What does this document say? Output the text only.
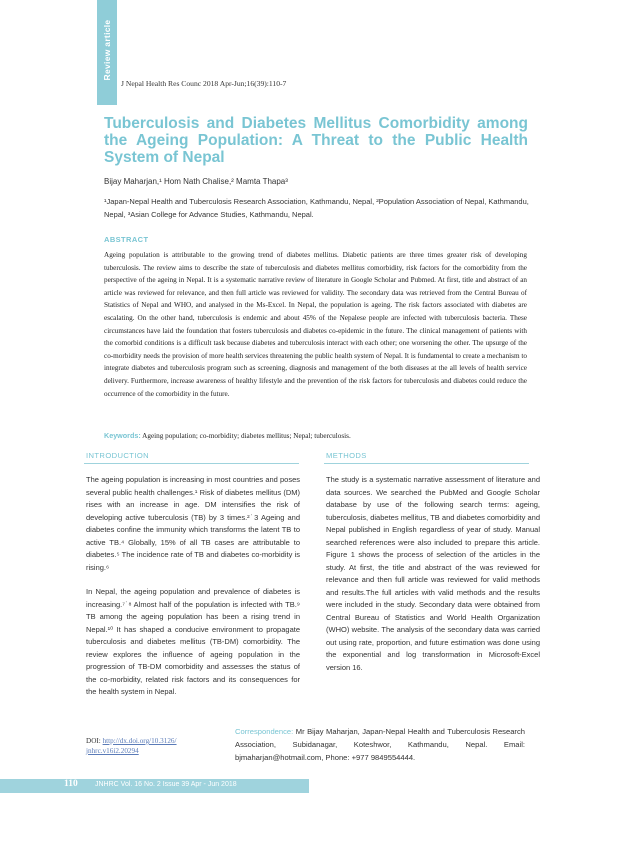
Review article
J Nepal Health Res Counc 2018 Apr-Jun;16(39):110-7
Tuberculosis and Diabetes Mellitus Comorbidity among the Ageing Population: A Threat to the Public Health System of Nepal
Bijay Maharjan,¹ Hom Nath Chalise,² Mamta Thapa³
¹Japan-Nepal Health and Tuberculosis Research Association, Kathmandu, Nepal, ²Population Association of Nepal, Kathmandu, Nepal, ³Asian College for Advance Studies, Kathmandu, Nepal.
ABSTRACT
Ageing population is attributable to the growing trend of diabetes mellitus. Diabetic patients are three times greater risk of developing tuberculosis. The review aims to describe the state of tuberculosis and diabetes mellitus comorbidity, risk factors for the comorbidity from the perspective of the ageing in Nepal. It is a systematic narrative review of literature in Google Scholar and Pubmed. At first, title and abstract of an article was reviewed for relevance, and then full article was reviewed for validity. The secondary data was retrieved from the Central Bureau of Statistics of Nepal and WHO, and analysed in the Ms-Excel. In Nepal, the population is ageing. The risk factors associated with diabetes are escalating. On the other hand, tuberculosis is endemic and about 45% of the Nepalese people are infected with tuberculosis bacteria. These circumstances have laid the foundation that fosters tuberculosis and diabetes co-epidemic in the future. The clinical management of patients with the comorbid conditions is a difficult task because diabetes and tuberculosis interact with each other; one worsening the other. The upsurge of the co-morbidity needs the provision of more health services threatening the public health system of Nepal. It is fundamental to create a mechanism to integrate diabetes and tuberculosis program such as screening, diagnosis and management of the both diseases at the all levels of health service delivery. Furthermore, increase awareness of healthy lifestyle and the prevention of the risk factors for tuberculosis and diabetes could reduce the occurrence of the comorbidity in the future.
Keywords: Ageing population; co-morbidity; diabetes mellitus; Nepal; tuberculosis.
INTRODUCTION	METHODS

The ageing population is increasing in most countries and poses several public health challenges.¹ Risk of diabetes mellitus (DM) rises with an increase in age. DM intensifies the risk of developing active tuberculosis (TB) by 3 times.²˙3 Ageing and diabetes confine the immunity which transforms the latent TB to active TB.⁴ Globally, 15% of all TB cases are attributable to diabetes.⁵ The incidence rate of TB and diabetes co-morbidity is rising.⁶

In Nepal, the ageing population and prevalence of diabetes is increasing.⁷˙⁸ Almost half of the population is infected with TB.⁹ TB among the ageing population has been a rising trend in Nepal.¹⁰ It has shaped a conducive environment to propagate tuberculosis and diabetes mellitus (TB-DM) comorbidity. The review explores the influence of ageing population in the progression of TB-DM comorbidity and assesses the status of the co-morbidity, related risk factors and its consequences for the health system in Nepal.

The study is a systematic narrative assessment of literature and data sources. We searched the PubMed and Google Scholar database by use of the following search terms: ageing, tuberculosis, diabetes mellitus, TB and diabetes comorbidity and Nepal published in English regardless of year of study. Manual searched references were also included to prepare this article. Figure 1 shows the process of selection of the articles in the study. At first, the title and abstract of the was reviewed for relevance and then full article was reviewed for valid methods and results.The full articles with valid methods and the results were included in the study. Secondary data were obtained from Central Bureau of Statistics and World Health Organization (WHO) website. The analysis of the secondary data was carried out using rate, proportion, and future estimation was done using the exponential and log transformation in Microsoft-Excel version 16.

DOI: http://dx.doi.org/10.3126/
jnhrc.v16i2.20294
Correspondence: Mr Bijay Maharjan, Japan-Nepal Health and Tuberculosis Research Association, Subidanagar, Koteshwor, Kathmandu, Nepal. Email: bjmaharjan@hotmail.com, Phone: +977 9849554444.
110 JNHRC Vol. 16 No. 2 Issue 39 Apr - Jun 2018
